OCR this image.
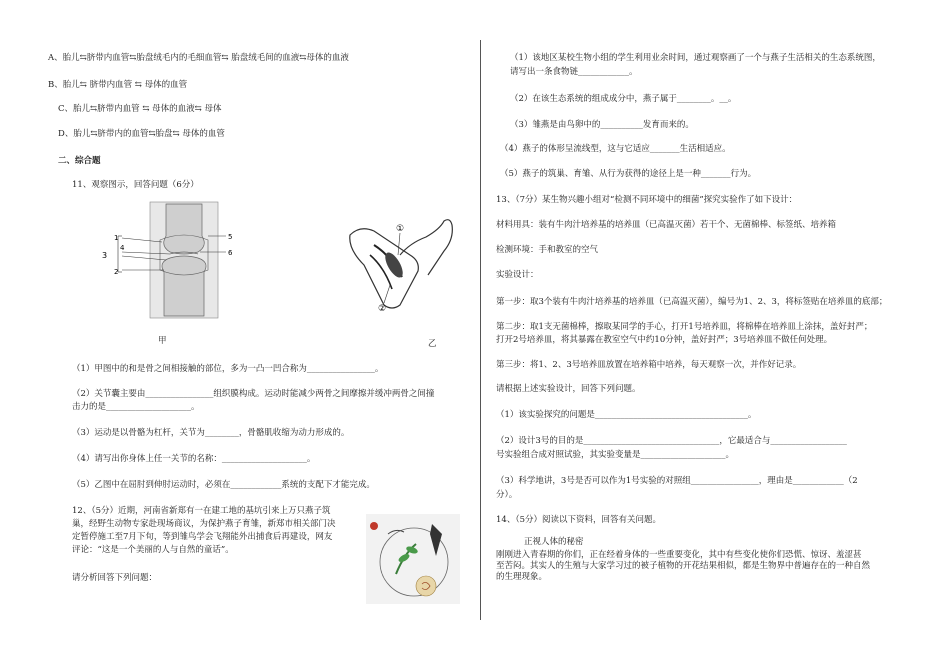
A、胎儿⇆脐带内血管⇆胎盘绒毛内的毛细血管⇆ 胎盘绒毛间的血液⇆母体的血液
B、胎儿⇆ 脐带内血管 ⇆ 母体的血管
C、胎儿⇆脐带内血管 ⇆ 母体的血液⇆ 母体
D、胎儿⇆脐带内的血管⇆胎盘⇆ 母体的血管
二、综合题
11、观察图示，回答问题（6分）

3
1
2
4
5
6
甲
①
②
乙
（1）甲图中的和是骨之间相接触的部位，多为一凸一凹合称为________________。
（2）关节囊主要由________________组织膜构成。运动时能减少两骨之间摩擦并缓冲两骨之间撞
击力的是____________________。
（3）运动是以骨骼为杠杆，关节为________，骨骼肌收缩为动力形成的。
（4）请写出你身体上任一关节的名称：____________________。
（5）乙图中在屈肘到伸肘运动时，必须在____________系统的支配下才能完成。
12、（5分）近期，河南省新郑有一在建工地的基坑引来上万只燕子筑
巢，经野生动物专家赴现场商议，为保护燕子育雏，新郑市相关部门决
定暂停施工至7月下旬，等到雏鸟学会飞翔能外出捕食后再建设，网友
评论：“这是一个美丽的人与自然的童话”。
请分析回答下列问题：
（1）该地区某校生物小组的学生利用业余时间，通过观察画了一个与燕子生活相关的生态系统图，
请写出一条食物链____________。
（2）在该生态系统的组成成分中，燕子属于________。__。
（3）雏燕是由鸟卵中的__________发育而来的。
（4）燕子的体形呈流线型，这与它适应_______生活相适应。
（5）燕子的筑巢、育雏、从行为获得的途径上是一种_______行为。
13、（7分）某生物兴趣小组对“检测不同环境中的细菌”探究实验作了如下设计：
材料用具：装有牛肉汁培养基的培养皿（已高温灭菌）若干个、无菌棉棒、标签纸、培养箱
检测环境：手和教室的空气
实验设计：
第一步：取3个装有牛肉汁培养基的培养皿（已高温灭菌），编号为1、2、3，将标签贴在培养皿的底部；
第二步：取1支无菌棉棒，擦取某同学的手心，打开1号培养皿，将棉棒在培养皿上涂抹，盖好封严；
打开2号培养皿，将其暴露在教室空气中约10分钟，盖好封严；3号培养皿不做任何处理。
第三步：将1、2、3号培养皿放置在培养箱中培养，每天观察一次，并作好记录。
请根据上述实验设计，回答下列问题。
（1）该实验探究的问题是____________________________________。
（2）设计3号的目的是________________________________，它最适合与__________________
号实验组合成对照试验，其实验变量是____________________。
（3）科学地讲，3号是否可以作为1号实验的对照组________________，理由是____________（2
分）。
14、（5分）阅读以下资料，回答有关问题。
正视人体的秘密
刚刚进入青春期的你们，正在经着身体的一些重要变化，其中有些变化使你们恐慌、惊讶、羞涩甚
至苦闷。其实人的生殖与大家学习过的被子植物的开花结果相似，都是生物界中普遍存在的一种自然
的生理现象。
